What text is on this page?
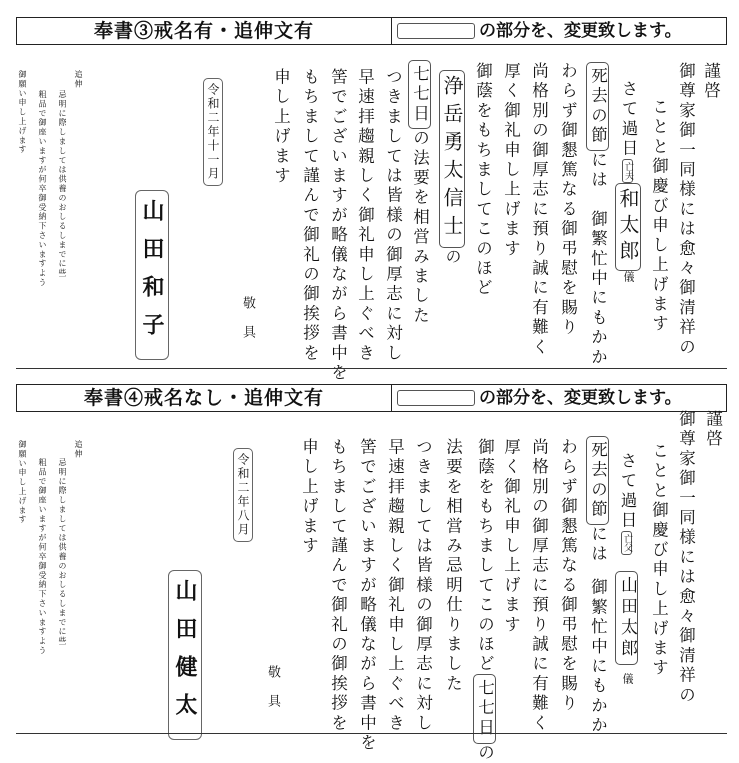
奉書③戒名有・追伸文有	の部分を、変更致します。
謹啓
御尊家御一同様には愈々御清祥の
ことと御慶び申し上げます
さて過日亡夫和太郎儀
死去の節には　御繁忙中にもかか
わらず御懇篤なる御弔慰を賜り
尚格別の御厚志に預り誠に有難く
厚く御礼申し上げます
御蔭をもちましてこのほど
浄岳勇太信士の
七七日の法要を相営みました
つきましては皆様の御厚志に対し
早速拝趨親しく御礼申し上ぐべき
筈でございますが略儀ながら書中を
もちまして謹んで御礼の御挨拶を
申し上げます
敬具
令和二年十一月
山田和子
追伸
忌明に際しましては供養のおしるしまでに些
粗品で御座いますが何卒御受納下さいますよう
御願い申し上げます
奉書④戒名なし・追伸文有	の部分を、変更致します。
謹啓
御尊家御一同様には愈々御清祥の
ことと御慶び申し上げます
さて過日亡父山田太郎儀
死去の節には御繁忙中にもかか
わらず御懇篤なる御弔慰を賜り
尚格別の御厚志に預り誠に有難く
厚く御礼申し上げます
御蔭をもちましてこのほど七七日の
法要を相営み忌明仕りました
つきましては皆様の御厚志に対し
早速拝趨親しく御礼申し上ぐべき
筈でございますが略儀ながら書中を
もちまして謹んで御礼の御挨拶を
申し上げます
敬具
令和二年八月
山田健太
追伸
忌明に際しましては供養のおしるしまでに些
粗品で御座いますが何卒御受納下さいますよう
御願い申し上げます
